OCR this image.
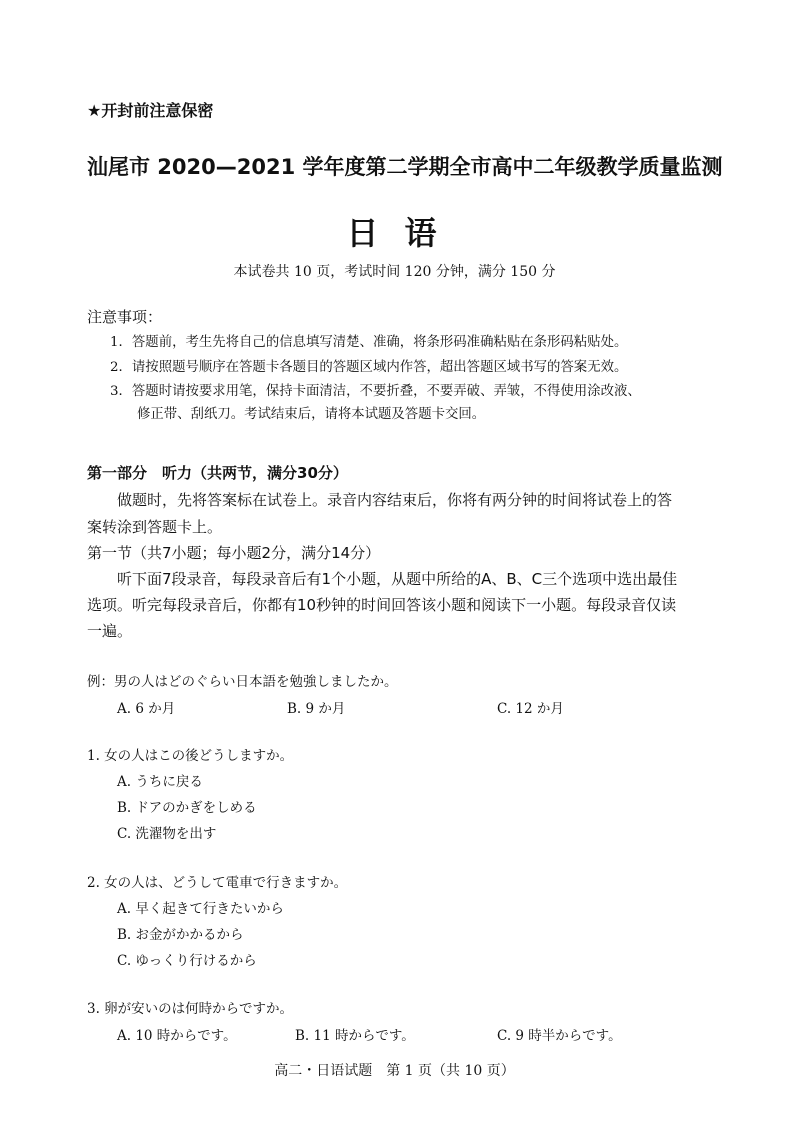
★开封前注意保密
汕尾市 2020—2021 学年度第二学期全市高中二年级教学质量监测
日语
本试卷共 10 页，考试时间 120 分钟，满分 150 分
注意事项：
1．答题前，考生先将自己的信息填写清楚、准确，将条形码准确粘贴在条形码粘贴处。
2．请按照题号顺序在答题卡各题目的答题区域内作答，超出答题区域书写的答案无效。
3．答题时请按要求用笔，保持卡面清洁，不要折叠，不要弄破、弄皱，不得使用涂改液、
修正带、刮纸刀。考试结束后，请将本试题及答题卡交回。
第一部分　听力（共两节，满分30分）
做题时，先将答案标在试卷上。录音内容结束后，你将有两分钟的时间将试卷上的答
案转涂到答题卡上。
第一节（共7小题；每小题2分，满分14分）
听下面7段录音，每段录音后有1个小题，从题中所给的A、B、C三个选项中选出最佳
选项。听完每段录音后，你都有10秒钟的时间回答该小题和阅读下一小题。每段录音仅读
一遍。
例：男の人はどのぐらい日本語を勉強しましたか。
A. 6 か月	B. 9 か月	C. 12 か月
1. 女の人はこの後どうしますか。
A. うちに戻る
B. ドアのかぎをしめる
C. 洗濯物を出す
2. 女の人は、どうして電車で行きますか。
A. 早く起きて行きたいから
B. お金がかかるから
C. ゆっくり行けるから
3. 卵が安いのは何時からですか。
A. 10 時からです。	B. 11 時からです。	C. 9 時半からです。
高二・日语试题　第 1 页（共 10 页）
